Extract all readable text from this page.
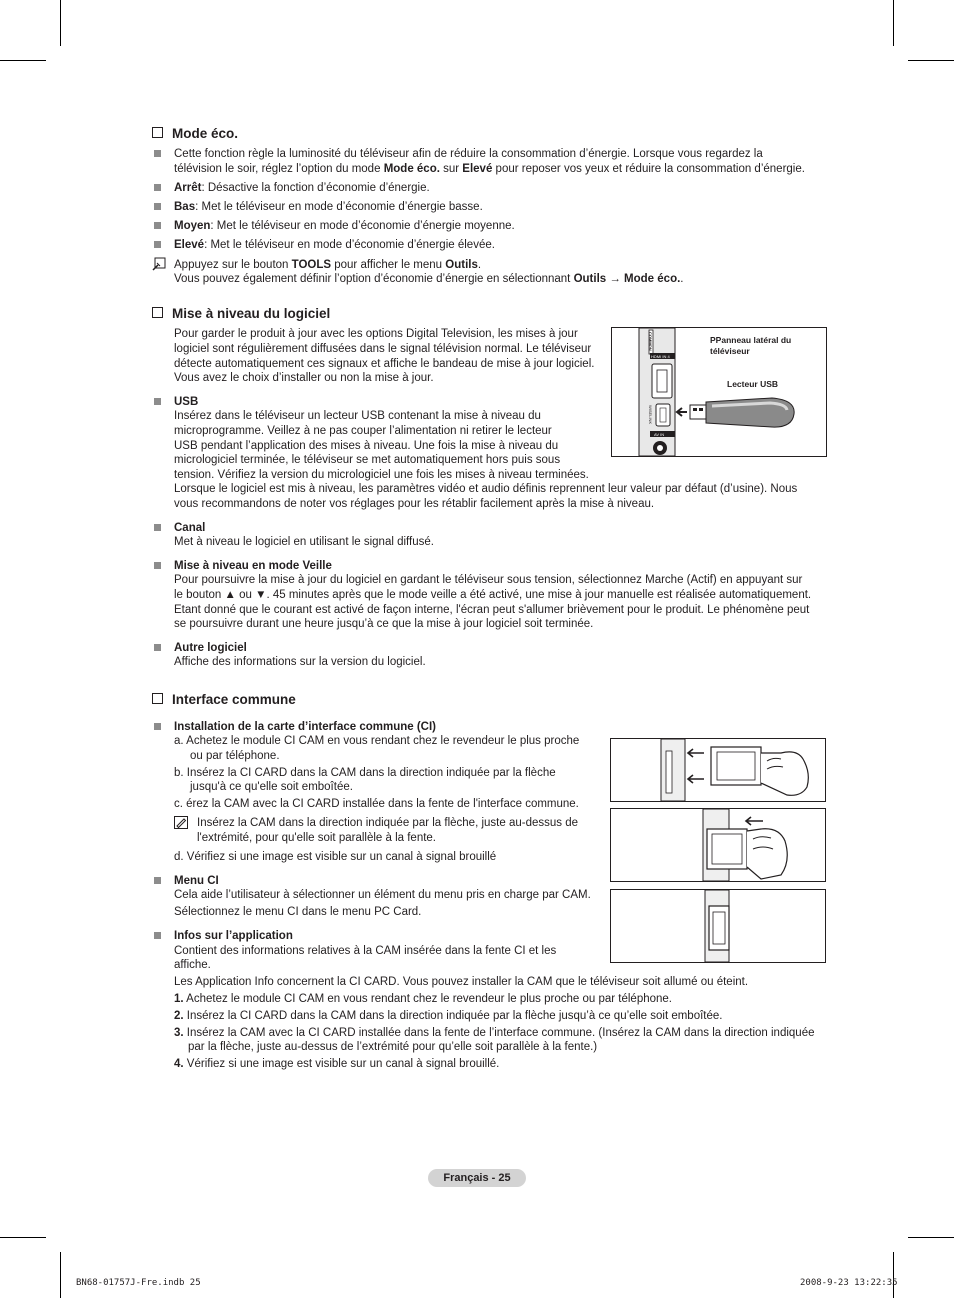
Mode éco.
Cette fonction règle la luminosité du téléviseur afin de réduire la consommation d’énergie. Lorsque vous regardez la
télévision le soir, réglez l’option du mode Mode éco. sur Elevé pour reposer vos yeux et réduire la consommation d’énergie.
Arrêt: Désactive la fonction d’économie d’énergie.
Bas: Met le téléviseur en mode d’économie d’énergie basse.
Moyen: Met le téléviseur en mode d’économie d’énergie moyenne.
Elevé: Met le téléviseur en mode d’économie d’énergie élevée.
Appuyez sur le bouton TOOLS pour afficher le menu Outils.
Vous pouvez également définir l’option d’économie d’énergie en sélectionnant Outils → Mode éco..
Mise à niveau du logiciel
Pour garder le produit à jour avec les options Digital Television, les mises à jour
logiciel sont régulièrement diffusées dans le signal télévision normal. Le téléviseur
détecte automatiquement ces signaux et affiche le bandeau de mise à jour logiciel.
Vous avez le choix d’installer ou non la mise à jour.
USB
Insérez dans le téléviseur un lecteur USB contenant la mise à niveau du
microprogramme. Veillez à ne pas couper l’alimentation ni retirer le lecteur
USB pendant l’application des mises à niveau. Une fois la mise à niveau du
micrologiciel terminée, le téléviseur se met automatiquement hors puis sous
tension. Vérifiez la version du micrologiciel une fois les mises à niveau terminées.
Lorsque le logiciel est mis à niveau, les paramètres vidéo et audio définis reprennent leur valeur par défaut (d’usine). Nous
vous recommandons de noter vos réglages pour les rétablir facilement après la mise à niveau.
COMMON
HDMI IN 4
WISELINK
AV IN
PPanneau latéral du
téléviseur
Lecteur USB
Canal
Met à niveau le logiciel en utilisant le signal diffusé.
Mise à niveau en mode Veille
Pour poursuivre la mise à jour du logiciel en gardant le téléviseur sous tension, sélectionnez Marche (Actif) en appuyant sur
le bouton ▲ ou ▼. 45 minutes après que le mode veille a été activé, une mise à jour manuelle est réalisée automatiquement.
Etant donné que le courant est activé de façon interne, l'écran peut s'allumer brièvement pour le produit. Le phénomène peut
se poursuivre durant une heure jusqu’à ce que la mise à jour logiciel soit terminée.
Autre logiciel
Affiche des informations sur la version du logiciel.
Interface commune
Installation de la carte d’interface commune (CI)
a. Achetez le module CI CAM en vous rendant chez le revendeur le plus proche
ou par téléphone.
b. Insérez la CI CARD dans la CAM dans la direction indiquée par la flèche
jusqu'à ce qu'elle soit emboîtée.
c. érez la CAM avec la CI CARD installée dans la fente de l'interface commune.
Insérez la CAM dans la direction indiquée par la flèche, juste au-dessus de
l'extrémité, pour qu'elle soit parallèle à la fente.
d. Vérifiez si une image est visible sur un canal à signal brouillé
Menu CI
Cela aide l’utilisateur à sélectionner un élément du menu pris en charge par CAM.
Sélectionnez le menu CI dans le menu PC Card.
Infos sur l’application
Contient des informations relatives à la CAM insérée dans la fente CI et les
affiche.
Les Application Info concernent la CI CARD. Vous pouvez installer la CAM que le téléviseur soit allumé ou éteint.
1. Achetez le module CI CAM en vous rendant chez le revendeur le plus proche ou par téléphone.
2. Insérez la CI CARD dans la CAM dans la direction indiquée par la flèche jusqu’à ce qu’elle soit emboîtée.
3. Insérez la CAM avec la CI CARD installée dans la fente de l’interface commune. (Insérez la CAM dans la direction indiquée
par la flèche, juste au-dessus de l’extrémité pour qu’elle soit parallèle à la fente.)
4. Vérifiez si une image est visible sur un canal à signal brouillé.
Français - 25
BN68-01757J-Fre.indb 25	2008-9-23 13:22:35
